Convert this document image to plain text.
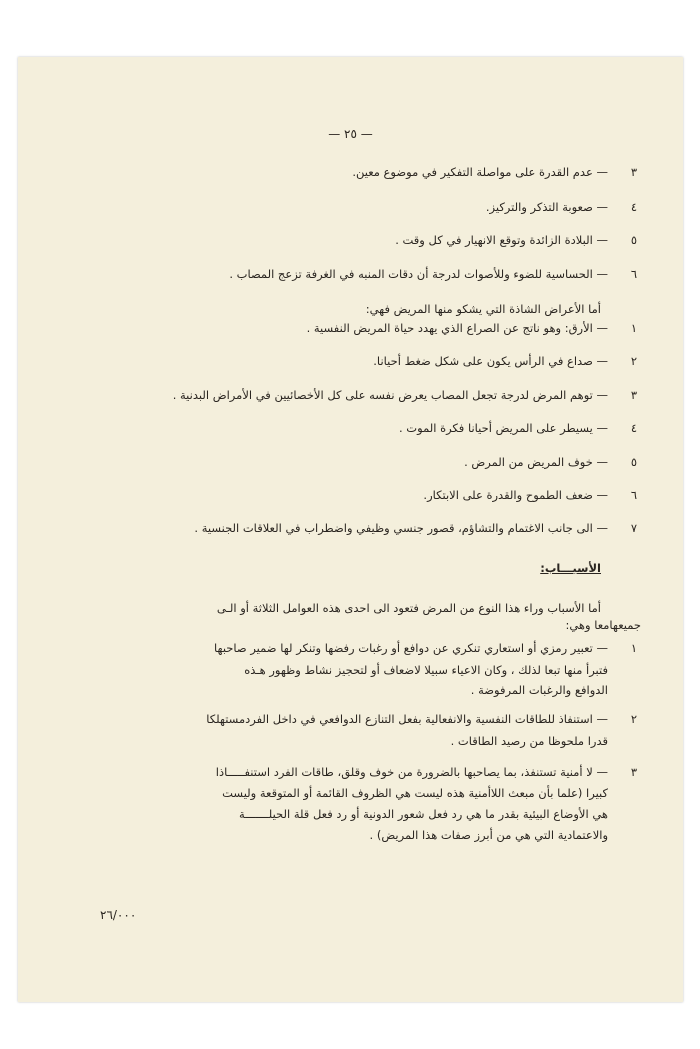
— ٢٥ —
٣
— عدم القدرة على مواصلة التفكير في موضوع معين.
٤
— صعوبة التذكر والتركيز.
٥
— البلادة الزائدة وتوقع الانهيار في كل وقت .
٦
— الحساسية للضوء وللأصوات لدرجة أن دقات المنبه في الغرفة تزعج المصاب .
أما الأعراض الشاذة التي يشكو منها المريض فهي:
١
— الأرق: وهو ناتج عن الصراع الذي يهدد حياة المريض النفسية .
٢
— صداع في الرأس يكون على شكل ضغط أحيانا.
٣
— توهم المرض لدرجة تجعل المصاب يعرض نفسه على كل الأخصائيين في الأمراض البدنية .
٤
— يسيطر على المريض أحيانا فكرة الموت .
٥
— خوف المريض من المرض .
٦
— ضعف الطموح والقدرة على الابتكار.
٧
— الى جانب الاغتمام والتشاؤم، قصور جنسي وظيفي واضطراب في العلاقات الجنسية .
الأسبـــاب:
أما الأسباب وراء هذا النوع من المرض فتعود الى احدى هذه العوامل الثلاثة أو الـى
جميعهامعا وهي:
١
— تعبير رمزي أو استعاري تنكري عن دوافع أو رغبات رفضها وتنكر لها ضمير صاحبها
فتبرأ منها تبعا لذلك ، وكان الاعياء سبيلا لاضعاف أو لتحجيز نشاط وظهور هـذه
الدوافع والرغبات المرفوضة .
٢
— استنفاذ للطاقات النفسية والانفعالية بفعل التنازع الدوافعي في داخل الفردمستهلكا
قدرا ملحوظا من رصيد الطاقات .
٣
— لا أمنية تستنفذ، بما يصاحبها بالضرورة من خوف وقلق، طاقات الفرد استنفـــــاذا
كبيرا (علما بأن مبعث اللاأمنية هذه ليست هي الظروف القائمة أو المتوقعة وليست
هي الأوضاع البيئية بقدر ما هي رد فعل شعور الدونية أو رد فعل قلة الحيلـــــــة
والاعتمادية التي هي من أبرز صفات هذا المريض) .
٢٦/٠٠٠
